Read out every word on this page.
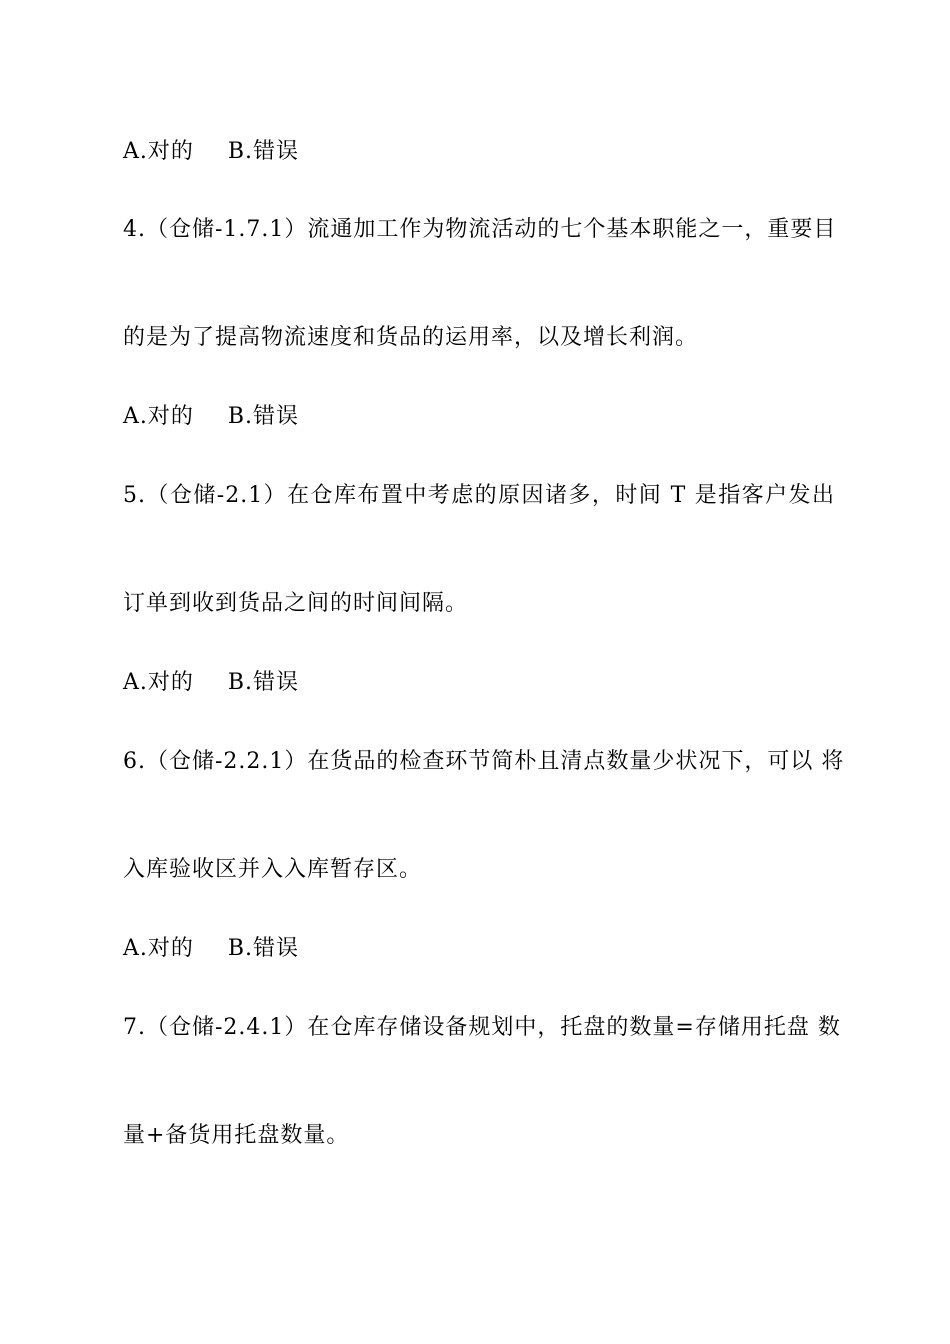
A.对的 B.错误
4.（仓储-1.7.1）流通加工作为物流活动的七个基本职能之一，重要目
的是为了提高物流速度和货品的运用率，以及增长利润。
A.对的 B.错误
5.（仓储-2.1）在仓库布置中考虑的原因诸多，时间 T 是指客户发出
订单到收到货品之间的时间间隔。
A.对的 B.错误
6.（仓储-2.2.1）在货品的检查环节简朴且清点数量少状况下，可以 将
入库验收区并入入库暂存区。
A.对的 B.错误
7.（仓储-2.4.1）在仓库存储设备规划中，托盘的数量=存储用托盘 数
量+备货用托盘数量。
